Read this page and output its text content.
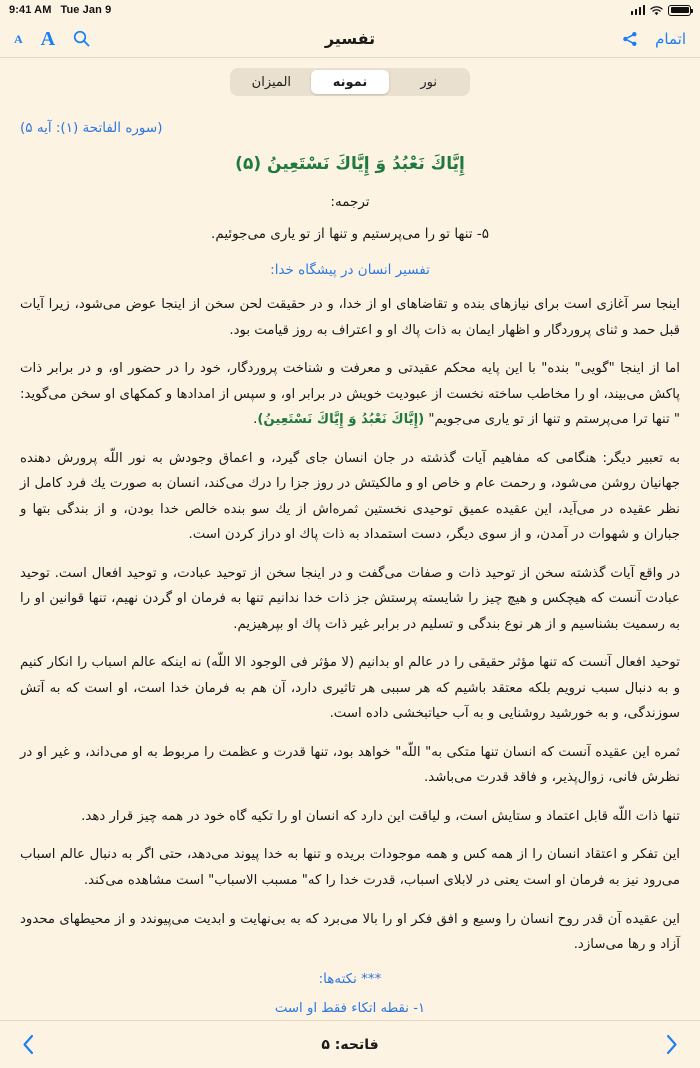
9:41 AM Tue Jan 9
A A	تفسیر	اتمام
الميزان	نمونه	نور
(سوره الفاتحة (۱): آیه ۵)
إِيَّاكَ نَعْبُدُ وَ إِيَّاكَ نَسْتَعِينُ (۵)
ترجمه:
۵- تنها تو را می‌پرستیم و تنها از تو یاری می‌جوئیم.
تفسیر انسان در پیشگاه خدا:

اینجا سر آغازی است برای نیازهای بنده و تقاضاهای او از خدا، و در حقیقت لحن سخن از اینجا عوض می‌شود، زیرا آیات قبل حمد و ثنای پروردگار و اظهار ایمان به ذات پاك او و اعتراف به روز قیامت بود.

اما از اینجا "گویی" بنده" با این پایه محکم عقیدتی و معرفت و شناخت پروردگار، خود را در حضور او، و در برابر ذات پاکش می‌بیند، او را مخاطب ساخته نخست از عبودیت خویش در برابر او، و سپس از امدادها و کمکهای او سخن می‌گوید: " تنها ترا می‌پرستم و تنها از تو یاری می‌جویم" (إِيَّاكَ نَعْبُدُ وَ إِيَّاكَ نَسْتَعِينُ).

به تعبیر دیگر: هنگامی که مفاهیم آیات گذشته در جان انسان جای گیرد، و اعماق وجودش به نور اللّه پرورش دهنده جهانیان روشن می‌شود، و رحمت عام و خاص او و مالکیتش در روز جزا را درك می‌کند، انسان به صورت يك فرد کامل از نظر عقیده در می‌آید، این عقیده عمیق توحیدی نخستین ثمره‌اش از يك سو بنده خالص خدا بودن، و از بندگی بتها و جباران و شهوات در آمدن، و از سوی دیگر، دست استمداد به ذات پاك او دراز کردن است.

در واقع آیات گذشته سخن از توحید ذات و صفات می‌گفت و در اینجا سخن از توحید عبادت، و توحید افعال است. توحید عبادت آنست که هیچکس و هیچ چیز را شایسته پرستش جز ذات خدا ندانیم تنها به فرمان او گردن نهیم، تنها قوانین او را به رسمیت بشناسیم و از هر نوع بندگی و تسلیم در برابر غیر ذات پاك او بپرهیزیم.

توحید افعال آنست که تنها مؤثر حقیقی را در عالم او بدانیم (لا مؤثر فی الوجود الا اللّه) نه اینکه عالم اسباب را انکار کنیم و به دنبال سبب نرویم بلکه معتقد باشیم که هر سببی هر تاثیری دارد، آن هم به فرمان خدا است، او است که به آتش سوزندگی، و به خورشید روشنایی و به آب حیاتبخشی داده است.

ثمره این عقیده آنست که انسان تنها متکی به" اللّه" خواهد بود، تنها قدرت و عظمت را مربوط به او می‌داند، و غیر او در نظرش فانی، زوال‌پذیر، و فاقد قدرت می‌باشد.

تنها ذات اللّه قابل اعتماد و ستایش است، و لیاقت این دارد که انسان او را تکیه گاه خود در همه چیز قرار دهد.

این تفکر و اعتقاد انسان را از همه کس و همه موجودات بریده و تنها به خدا پیوند می‌دهد، حتی اگر به دنبال عالم اسباب می‌رود نیز به فرمان او است یعنی در لابلای اسباب، قدرت خدا را که" مسبب الاسباب" است مشاهده می‌کند.

این عقیده آن قدر روح انسان را وسیع و افق فکر او را بالا می‌برد که به بی‌نهایت و ابدیت می‌پیوندد و از محیطهای محدود آزاد و رها می‌سازد.

*** نکته‌ها:
۱- نقطه اتکاء فقط او است
فاتحه: ۵
